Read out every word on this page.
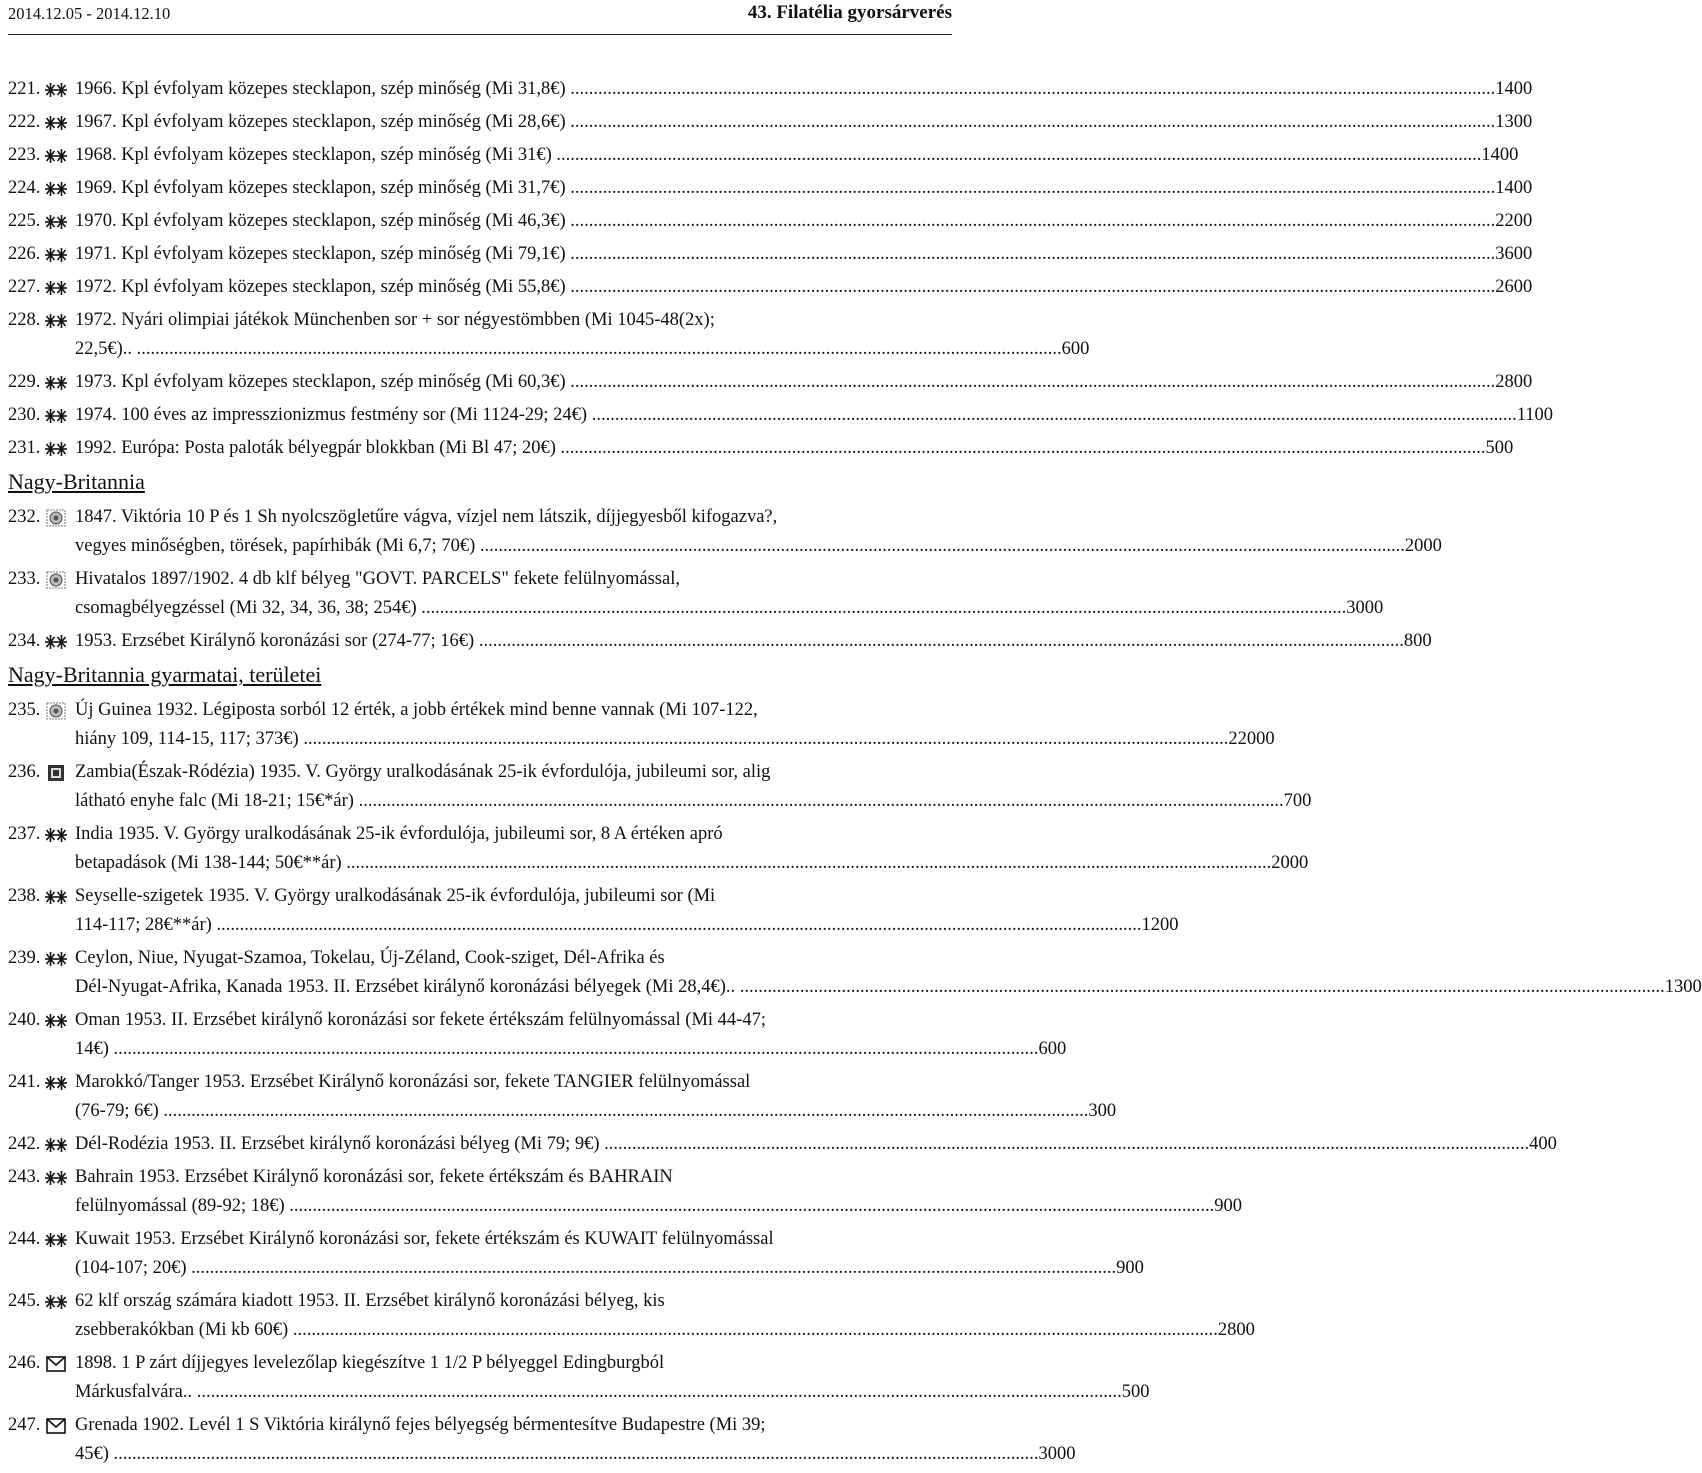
2014.12.05 - 2014.12.10	43. Filatélia gyorsárverés
221. 1966. Kpl évfolyam közepes stecklapon, szép minőség (Mi 31,8€) .....	1400
222. 1967. Kpl évfolyam közepes stecklapon, szép minőség (Mi 28,6€) .....	1300
223. 1968. Kpl évfolyam közepes stecklapon, szép minőség (Mi 31€) .....	1400
224. 1969. Kpl évfolyam közepes stecklapon, szép minőség (Mi 31,7€) .....	1400
225. 1970. Kpl évfolyam közepes stecklapon, szép minőség (Mi 46,3€) .....	2200
226. 1971. Kpl évfolyam közepes stecklapon, szép minőség (Mi 79,1€) .....	3600
227. 1972. Kpl évfolyam közepes stecklapon, szép minőség (Mi 55,8€) .....	2600
228. 1972. Nyári olimpiai játékok Münchenben sor + sor négyestömbben (Mi 1045-48(2x);
22,5€).. .....	600
229. 1973. Kpl évfolyam közepes stecklapon, szép minőség (Mi 60,3€) .....	2800
230. 1974. 100 éves az impresszionizmus festmény sor (Mi 1124-29; 24€) .....	1100
231. 1992. Európa: Posta paloták bélyegpár blokkban (Mi Bl 47; 20€) .....	500
Nagy-Britannia
232. 1847. Viktória 10 P és 1 Sh nyolcszögletűre vágva, vízjel nem látszik, díjjegyesből kifogazva?,
vegyes minőségben, törések, papírhibák (Mi 6,7; 70€) .....	2000
233. Hivatalos 1897/1902. 4 db klf bélyeg "GOVT. PARCELS" fekete felülnyomással,
csomagbélyegzéssel (Mi 32, 34, 36, 38; 254€) .....	3000
234. 1953. Erzsébet Királynő koronázási sor (274-77; 16€) .....	800
Nagy-Britannia gyarmatai, területei
235. Új Guinea 1932. Légiposta sorból 12 érték, a jobb értékek mind benne vannak (Mi 107-122,
hiány 109, 114-15, 117; 373€) .....	22000
236. Zambia(Észak-Ródézia) 1935. V. György uralkodásának 25-ik évfordulója, jubileumi sor, alig
látható enyhe falc (Mi 18-21; 15€*ár) .....	700
237. India 1935. V. György uralkodásának 25-ik évfordulója, jubileumi sor, 8 A értéken apró
betapadások (Mi 138-144; 50€**ár) .....	2000
238. Seyselle-szigetek 1935. V. György uralkodásának 25-ik évfordulója, jubileumi sor (Mi
114-117; 28€**ár) .....	1200
239. Ceylon, Niue, Nyugat-Szamoa, Tokelau, Új-Zéland, Cook-sziget, Dél-Afrika és
Dél-Nyugat-Afrika, Kanada 1953. II. Erzsébet királynő koronázási bélyegek (Mi 28,4€).. .....	1300
240. Oman 1953. II. Erzsébet királynő koronázási sor fekete értékszám felülnyomással (Mi 44-47;
14€) .....	600
241. Marokkó/Tanger 1953. Erzsébet Királynő koronázási sor, fekete TANGIER felülnyomással
(76-79; 6€) .....	300
242. Dél-Rodézia 1953. II. Erzsébet királynő koronázási bélyeg (Mi 79; 9€) .....	400
243. Bahrain 1953. Erzsébet Királynő koronázási sor, fekete értékszám és BAHRAIN
felülnyomással (89-92; 18€) .....	900
244. Kuwait 1953. Erzsébet Királynő koronázási sor, fekete értékszám és KUWAIT felülnyomással
(104-107; 20€) .....	900
245. 62 klf ország számára kiadott 1953. II. Erzsébet királynő koronázási bélyeg, kis
zsebberakókban (Mi kb 60€) .....	2800
246. 1898. 1 P zárt díjjegyes levelezőlap kiegészítve 1 1/2 P bélyeggel Edingburgból
Márkusfalvára.. .....	500
247. Grenada 1902. Levél 1 S Viktória királynő fejes bélyegség bérmentesítve Budapestre (Mi 39;
45€) .....	3000
